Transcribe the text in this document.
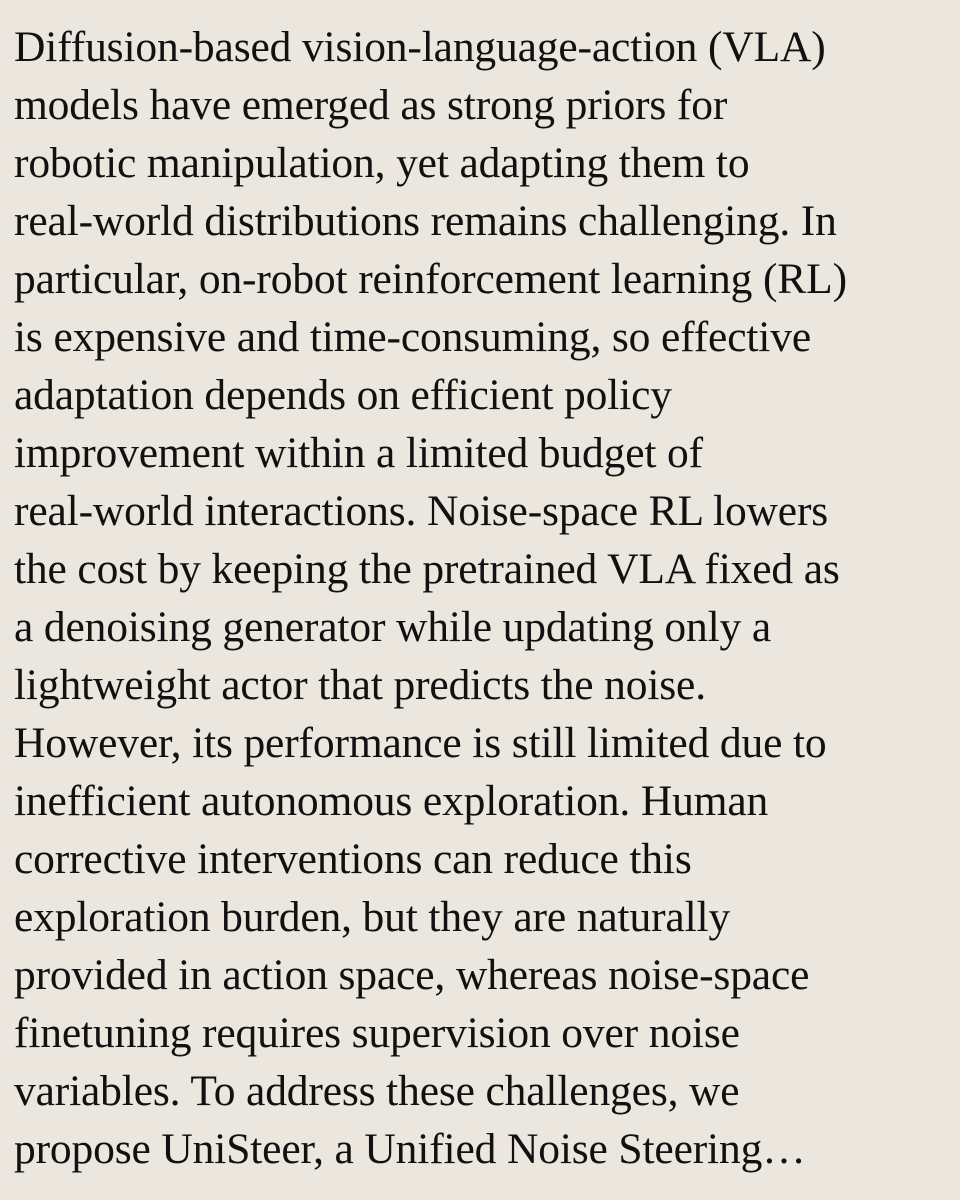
Diffusion-based vision-language-action (VLA)
models have emerged as strong priors for
robotic manipulation, yet adapting them to
real-world distributions remains challenging. In
particular, on-robot reinforcement learning (RL)
is expensive and time-consuming, so effective
adaptation depends on efficient policy
improvement within a limited budget of
real-world interactions. Noise-space RL lowers
the cost by keeping the pretrained VLA fixed as
a denoising generator while updating only a
lightweight actor that predicts the noise.
However, its performance is still limited due to
inefficient autonomous exploration. Human
corrective interventions can reduce this
exploration burden, but they are naturally
provided in action space, whereas noise-space
finetuning requires supervision over noise
variables. To address these challenges, we
propose UniSteer, a Unified Noise Steering…
